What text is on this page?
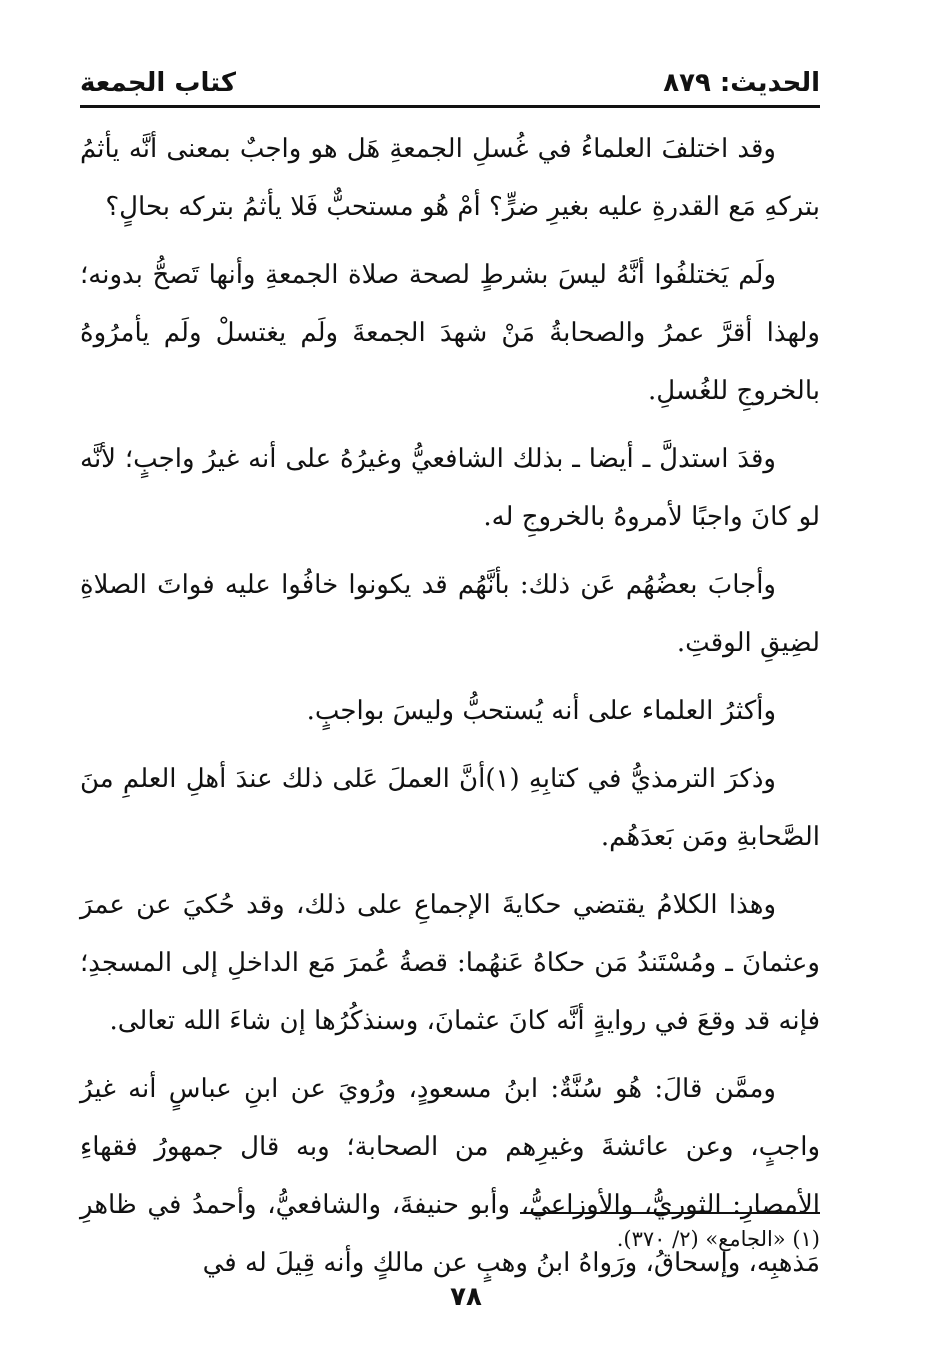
الحديث: ٨٧٩
كتاب الجمعة

وقد اختلفَ العلماءُ في غُسلِ الجمعةِ هَل هو واجبٌ بمعنى أنَّه يأثمُ بتركهِ مَع القدرةِ عليه بغيرِ ضرٍّ؟ أمْ هُو مستحبٌّ فَلا يأثمُ بتركه بحالٍ؟

ولَم يَختلفُوا أنَّهُ ليسَ بشرطٍ لصحة صلاة الجمعةِ وأنها تَصحُّ بدونه؛ ولهذا أقرَّ عمرُ والصحابةُ مَنْ شهدَ الجمعةَ ولَم يغتسلْ ولَم يأمرُوهُ بالخروجِ للغُسلِ.

وقدَ استدلَّ ـ أيضا ـ بذلك الشافعيُّ وغيرُهُ على أنه غيرُ واجبٍ؛ لأنَّه لو كانَ واجبًا لأمروهُ بالخروجِ له.

وأجابَ بعضُهُم عَن ذلك: بأنَّهُم قد يكونوا خافُوا عليه فواتَ الصلاةِ لضِيقِ الوقتِ.

وأكثرُ العلماء على أنه يُستحبُّ وليسَ بواجبٍ.

وذكرَ الترمذيُّ في كتابِهِ (١)أنَّ العملَ عَلى ذلك عندَ أهلِ العلمِ منَ الصَّحابةِ ومَن بَعدَهُم.

وهذا الكلامُ يقتضي حكايةَ الإجماعِ على ذلك، وقد حُكيَ عن عمرَ وعثمانَ ـ ومُسْتَندُ مَن حكاهُ عَنهُما: قصةُ عُمرَ مَع الداخلِ إلى المسجدِ؛ فإنه قد وقعَ في روايةٍ أنَّه كانَ عثمانَ، وسنذكُرُها إن شاءَ الله تعالى.

وممَّن قالَ: هُو سُنَّةٌ: ابنُ مسعودٍ، ورُويَ عن ابنِ عباسٍ أنه غيرُ واجبٍ، وعن عائشةَ وغيرِهم من الصحابة؛ وبه قال جمهورُ فقهاءِ الأمصارِ: الثوريُّ، والأوزاعيُّ، وأبو حنيفةَ، والشافعيُّ، وأحمدُ في ظاهرِ مَذهبِه، وإسحاقُ، ورَواهُ ابنُ وهبٍ عن مالكٍ وأنه قِيلَ له في

(١) «الجامع» (٢/ ٣٧٠).
٧٨
